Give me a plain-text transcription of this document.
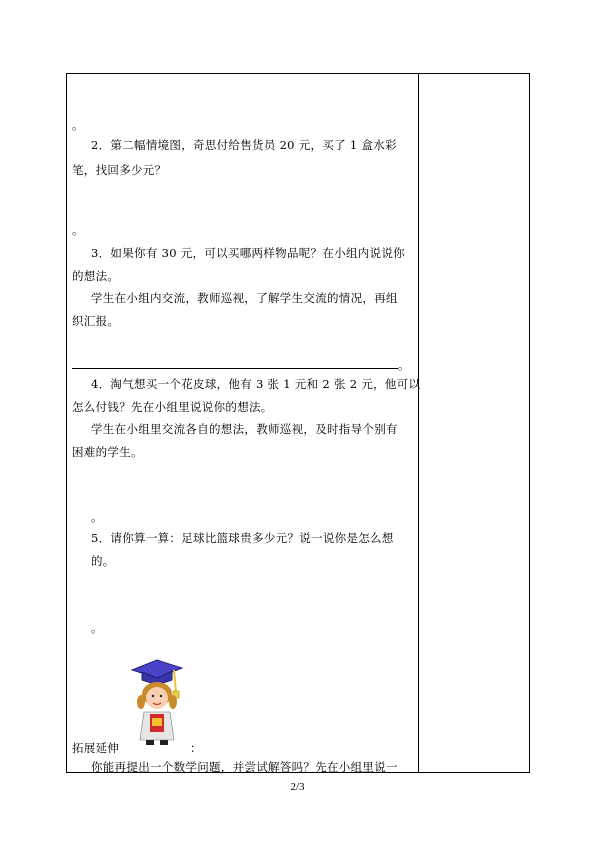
。
2．第二幅情境图，奇思付给售货员 20 元，买了 1 盒水彩
笔，找回多少元？
。
3．如果你有 30 元，可以买哪两样物品呢？在小组内说说你
的想法。
学生在小组内交流，教师巡视，了解学生交流的情况，再组
织汇报。
。
4．淘气想买一个花皮球，他有 3 张 1 元和 2 张 2 元，他可以
怎么付钱？先在小组里说说你的想法。
学生在小组里交流各自的想法，教师巡视，及时指导个别有
困难的学生。
。
5．请你算一算：足球比篮球贵多少元？说一说你是怎么想
的。
。
拓展延伸	：
你能再提出一个数学问题，并尝试解答吗？先在小组里说一
2/3
